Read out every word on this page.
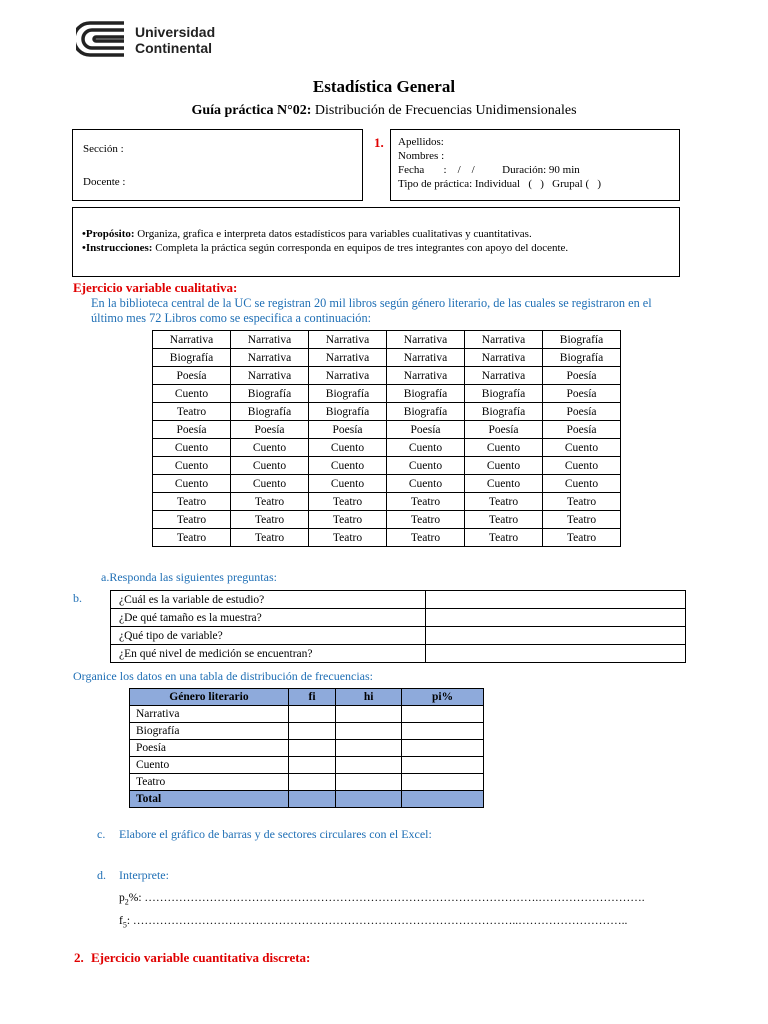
Universidad
Continental
Estadística General
Guía práctica N°02: Distribución de Frecuencias Unidimensionales
Sección :
Docente :
1. Apellidos:
Nombres :
Fecha       :    /    /          Duración: 90 min
Tipo de práctica: Individual   (   )   Grupal (   )
•Propósito: Organiza, grafica e interpreta datos estadísticos para variables cualitativas y cuantitativas.
•Instrucciones: Completa la práctica según corresponda en equipos de tres integrantes con apoyo del docente.
Ejercicio variable cualitativa:
En la biblioteca central de la UC se registran 20 mil libros según género literario, de las cuales se registraron en el
último mes 72 Libros como se especifica a continuación:
Narrativa	Narrativa	Narrativa	Narrativa	Narrativa	Biografía
Biografía	Narrativa	Narrativa	Narrativa	Narrativa	Biografía
Poesía	Narrativa	Narrativa	Narrativa	Narrativa	Poesía
Cuento	Biografía	Biografía	Biografía	Biografía	Poesía
Teatro	Biografía	Biografía	Biografía	Biografía	Poesía
Poesía	Poesía	Poesía	Poesía	Poesía	Poesía
Cuento	Cuento	Cuento	Cuento	Cuento	Cuento
Cuento	Cuento	Cuento	Cuento	Cuento	Cuento
Cuento	Cuento	Cuento	Cuento	Cuento	Cuento
Teatro	Teatro	Teatro	Teatro	Teatro	Teatro
Teatro	Teatro	Teatro	Teatro	Teatro	Teatro
Teatro	Teatro	Teatro	Teatro	Teatro	Teatro
a.Responda las siguientes preguntas:
b.	¿Cuál es la variable de estudio?	
¿De qué tamaño es la muestra?	
¿Qué tipo de variable?	
¿En qué nivel de medición se encuentran?	
Organice los datos en una tabla de distribución de frecuencias:
Género literario	fi	hi	pi%
Narrativa			
Biografía			
Poesía			
Cuento			
Teatro			
Total			
c. Elabore el gráfico de barras y de sectores circulares con el Excel:
d. Interprete:
$p_2\%$: ………………………………………………………………………………………….……………………….
$f_5$: ………………………………………………………………………………………..………………………..
2. Ejercicio variable cuantitativa discreta:
